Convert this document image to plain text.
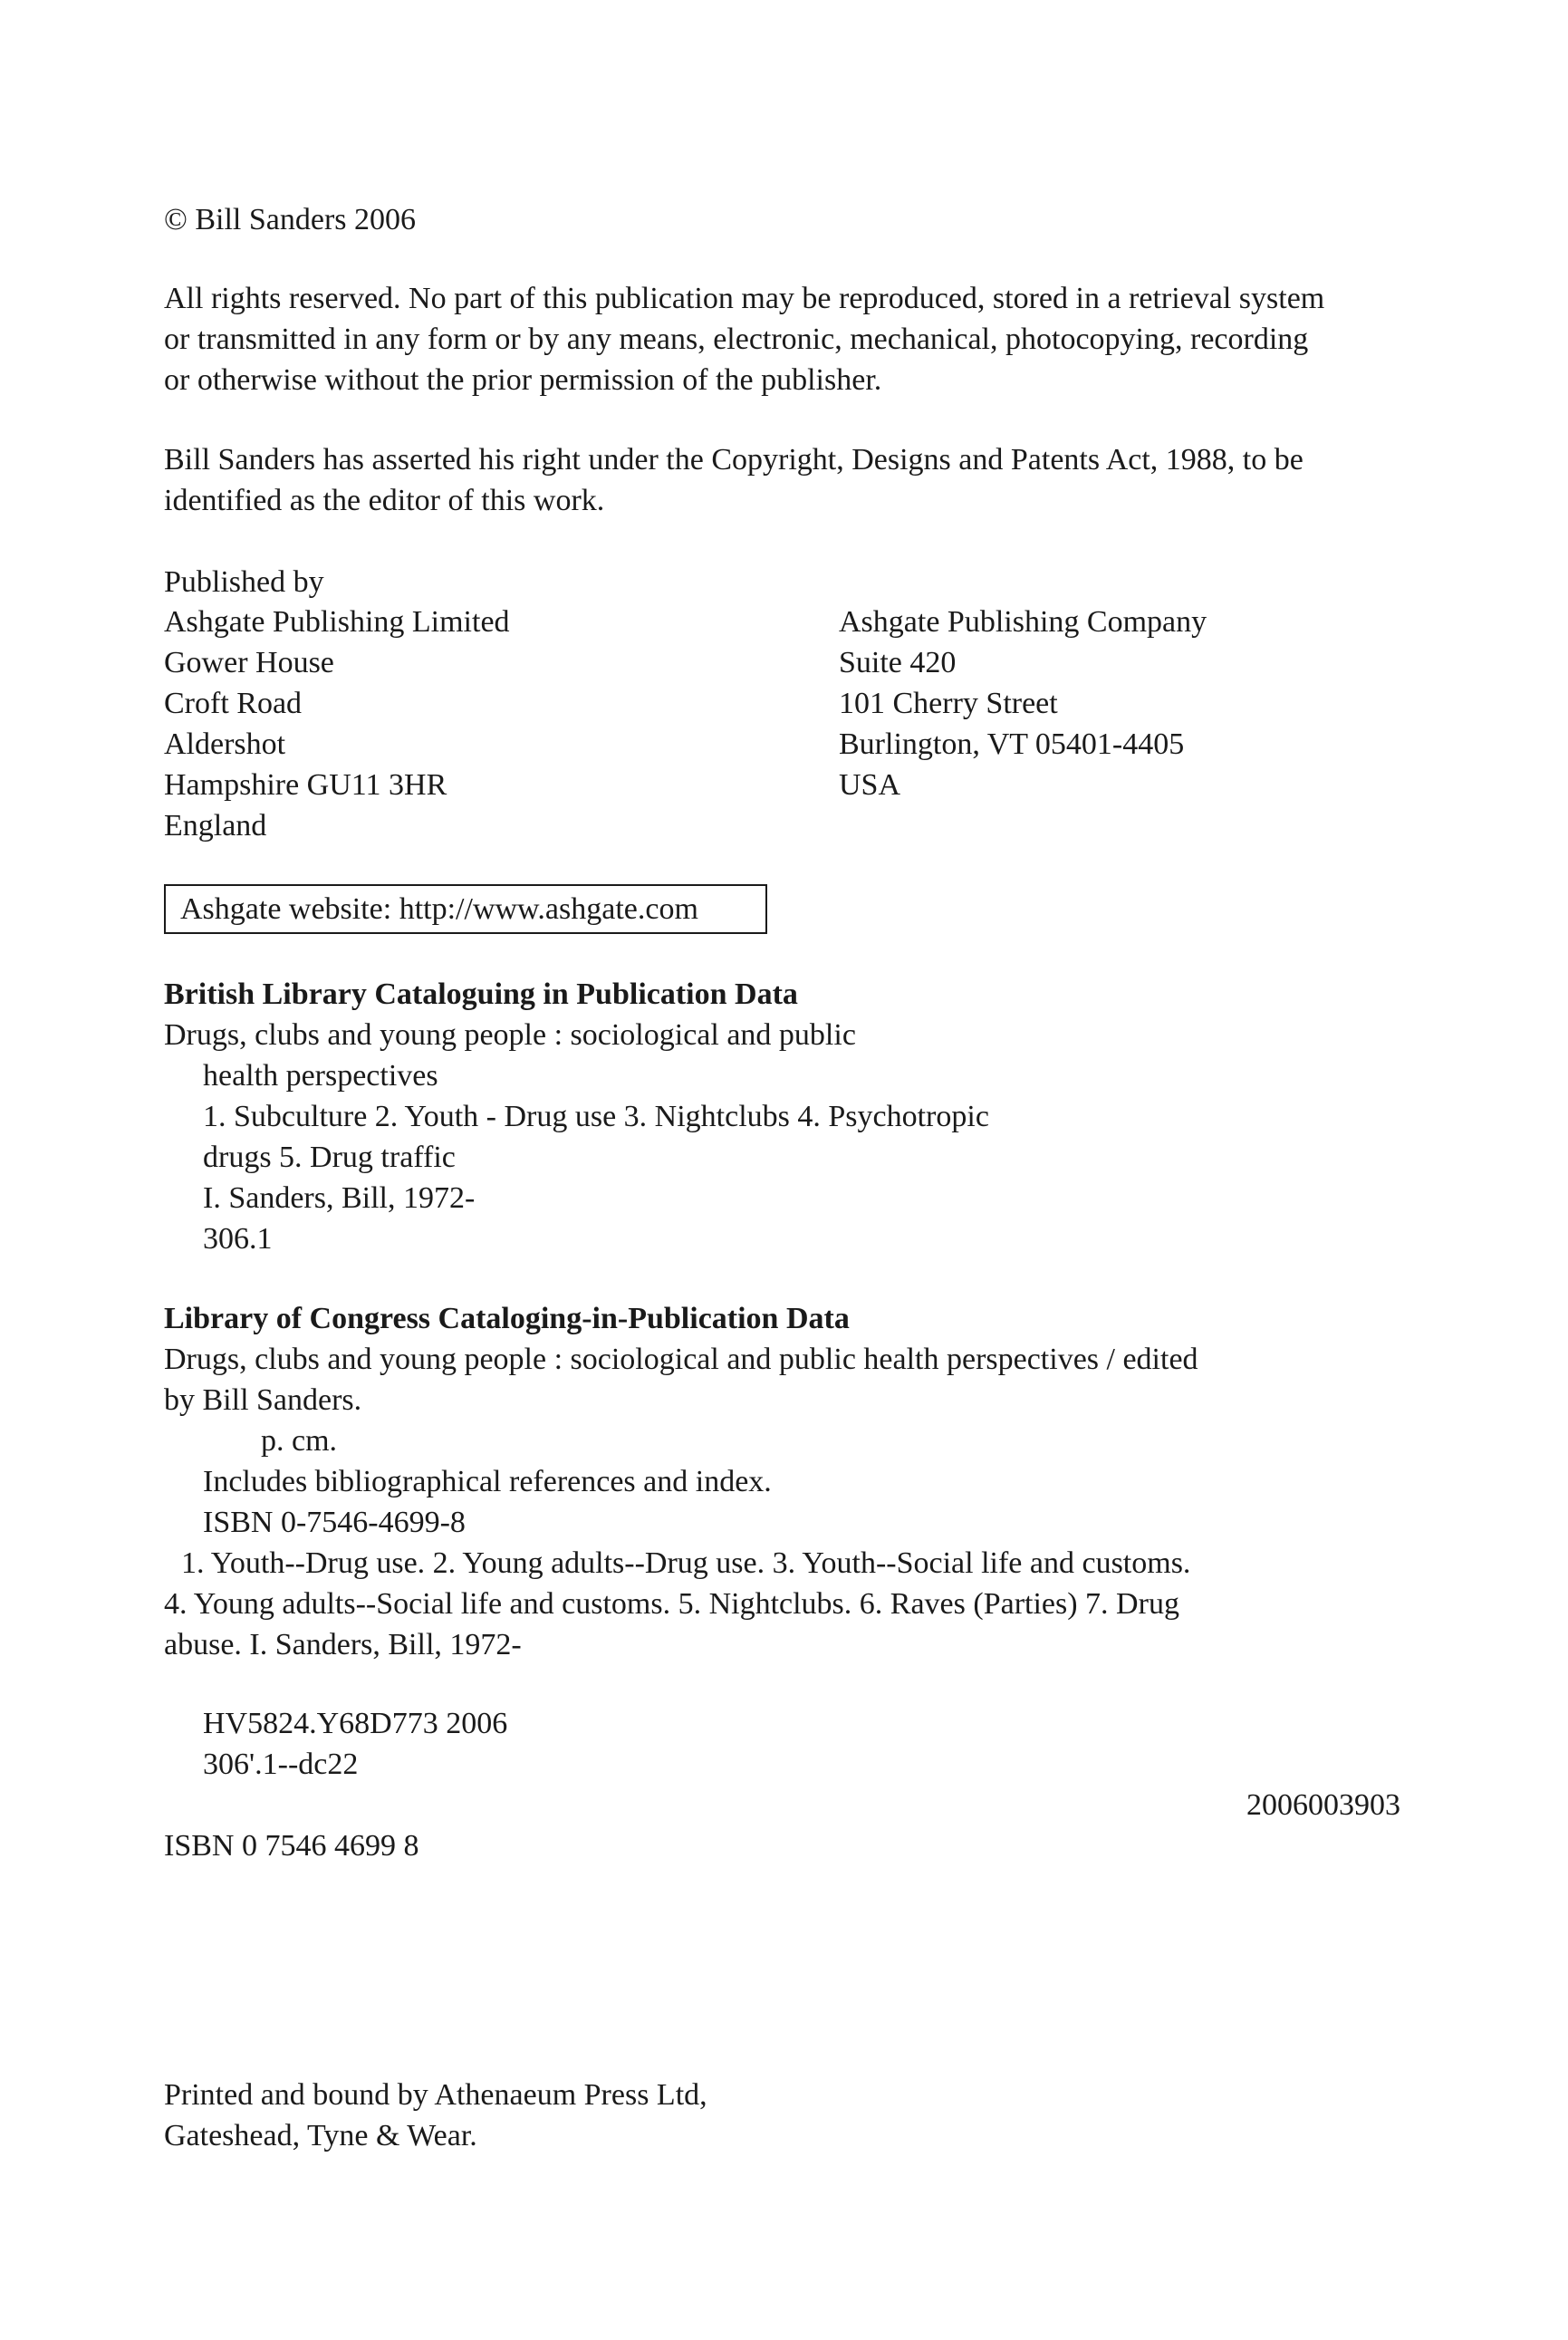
© Bill Sanders 2006
All rights reserved. No part of this publication may be reproduced, stored in a retrieval system
or transmitted in any form or by any means, electronic, mechanical, photocopying, recording
or otherwise without the prior permission of the publisher.
Bill Sanders has asserted his right under the Copyright, Designs and Patents Act, 1988, to be
identified as the editor of this work.
Published by
Ashgate Publishing Limited
Gower House
Croft Road
Aldershot
Hampshire GU11 3HR
England
Ashgate Publishing Company
Suite 420
101 Cherry Street
Burlington, VT 05401-4405
USA
Ashgate website: http://www.ashgate.com
British Library Cataloguing in Publication Data
Drugs, clubs and young people : sociological and public
health perspectives
1. Subculture 2. Youth - Drug use 3. Nightclubs 4. Psychotropic
drugs 5. Drug traffic
I. Sanders, Bill, 1972-
306.1
Library of Congress Cataloging-in-Publication Data
Drugs, clubs and young people : sociological and public health perspectives / edited
by Bill Sanders.
p. cm.
Includes bibliographical references and index.
ISBN 0-7546-4699-8
1. Youth--Drug use. 2. Young adults--Drug use. 3. Youth--Social life and customs.
4. Young adults--Social life and customs. 5. Nightclubs. 6. Raves (Parties) 7. Drug
abuse. I. Sanders, Bill, 1972-
HV5824.Y68D773 2006
306'.1--dc22
2006003903
ISBN 0 7546 4699 8
Printed and bound by Athenaeum Press Ltd,
Gateshead, Tyne & Wear.
